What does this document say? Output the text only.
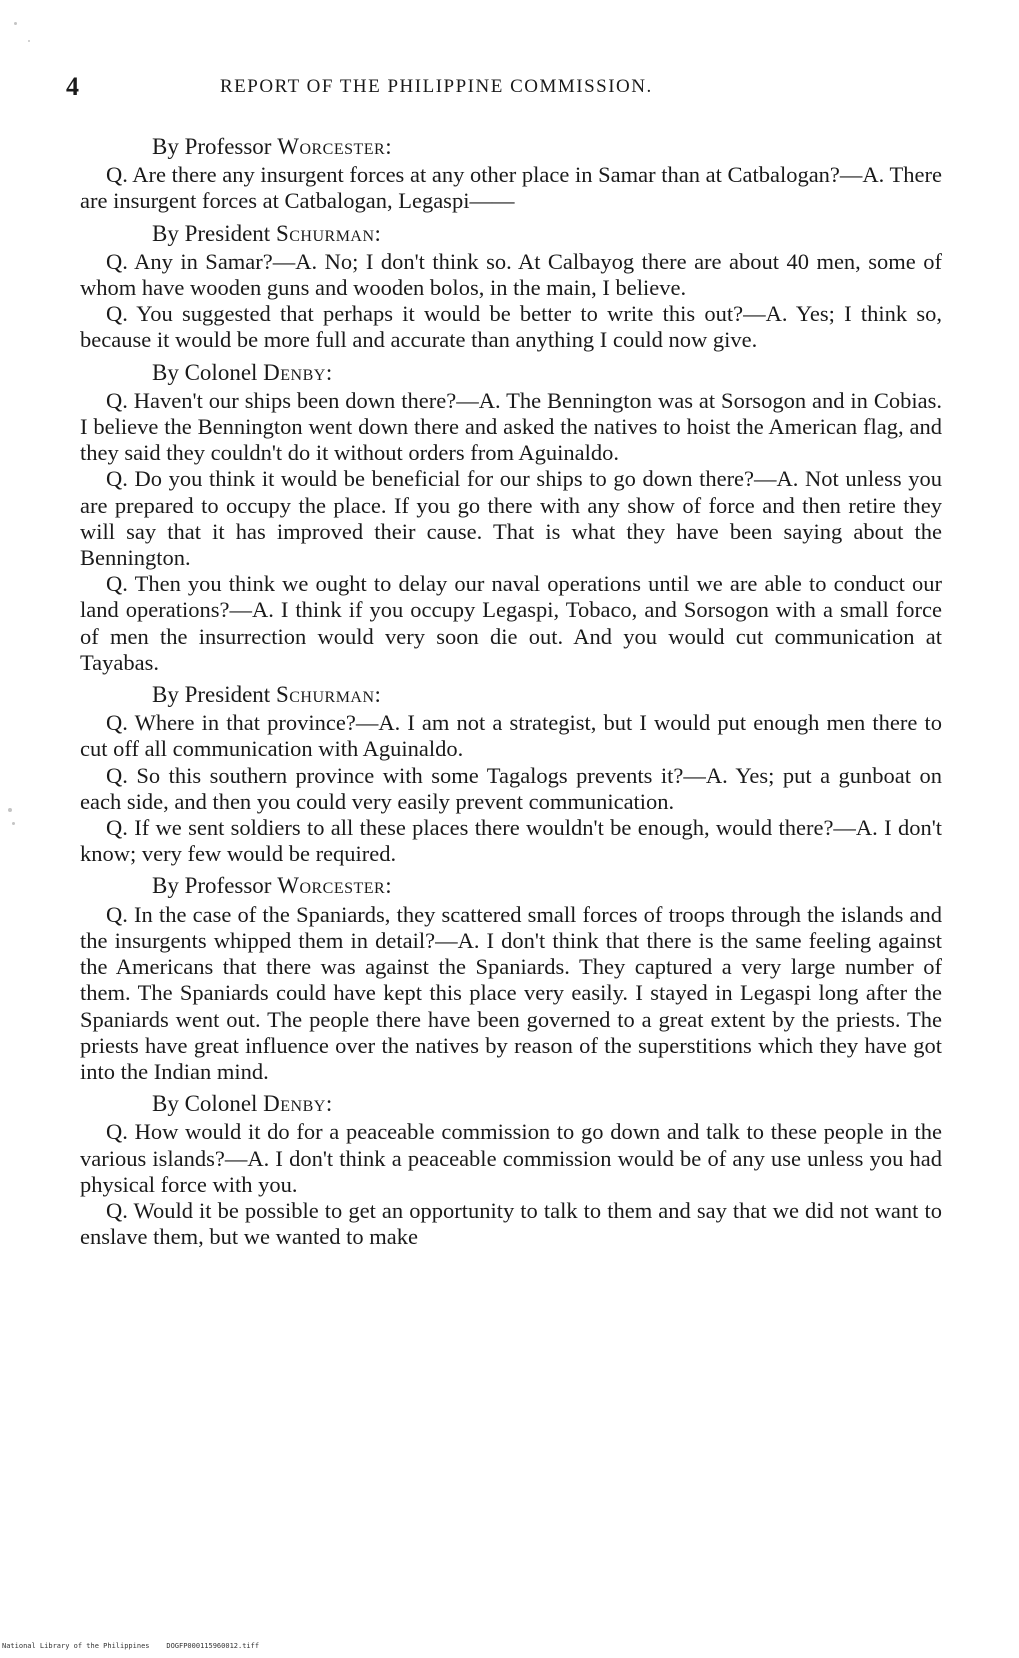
4	REPORT OF THE PHILIPPINE COMMISSION.
By Professor Worcester:

Q. Are there any insurgent forces at any other place in Samar than at Catbalogan?—A. There are insurgent forces at Catbalogan, Legaspi——

By President Schurman:

Q. Any in Samar?—A. No; I don't think so. At Calbayog there are about 40 men, some of whom have wooden guns and wooden bolos, in the main, I believe.

Q. You suggested that perhaps it would be better to write this out?—A. Yes; I think so, because it would be more full and accurate than anything I could now give.

By Colonel Denby:

Q. Haven't our ships been down there?—A. The Bennington was at Sorsogon and in Cobias. I believe the Bennington went down there and asked the natives to hoist the American flag, and they said they couldn't do it without orders from Aguinaldo.

Q. Do you think it would be beneficial for our ships to go down there?—A. Not unless you are prepared to occupy the place. If you go there with any show of force and then retire they will say that it has improved their cause. That is what they have been saying about the Bennington.

Q. Then you think we ought to delay our naval operations until we are able to conduct our land operations?—A. I think if you occupy Legaspi, Tobaco, and Sorsogon with a small force of men the insurrection would very soon die out. And you would cut communication at Tayabas.

By President Schurman:

Q. Where in that province?—A. I am not a strategist, but I would put enough men there to cut off all communication with Aguinaldo.

Q. So this southern province with some Tagalogs prevents it?—A. Yes; put a gunboat on each side, and then you could very easily prevent communication.

Q. If we sent soldiers to all these places there wouldn't be enough, would there?—A. I don't know; very few would be required.

By Professor Worcester:

Q. In the case of the Spaniards, they scattered small forces of troops through the islands and the insurgents whipped them in detail?—A. I don't think that there is the same feeling against the Americans that there was against the Spaniards. They captured a very large number of them. The Spaniards could have kept this place very easily. I stayed in Legaspi long after the Spaniards went out. The people there have been governed to a great extent by the priests. The priests have great influence over the natives by reason of the superstitions which they have got into the Indian mind.

By Colonel Denby:

Q. How would it do for a peaceable commission to go down and talk to these people in the various islands?—A. I don't think a peaceable commission would be of any use unless you had physical force with you.

Q. Would it be possible to get an opportunity to talk to them and say that we did not want to enslave them, but we wanted to make

National Library of the Philippines    DOGFP000115960012.tiff
